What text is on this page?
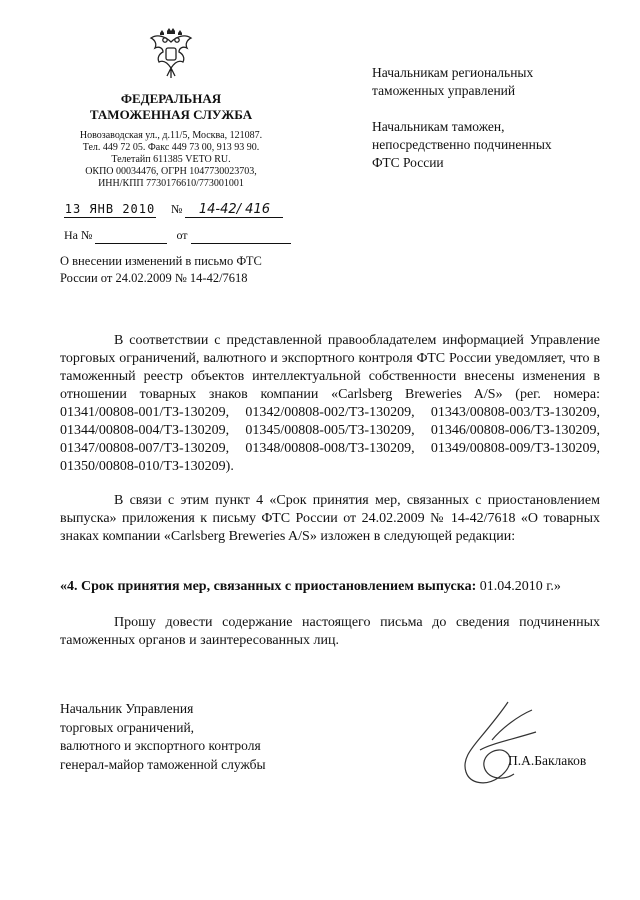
ФЕДЕРАЛЬНАЯ
ТАМОЖЕННАЯ СЛУЖБА
Новозаводская ул., д.11/5, Москва, 121087.
Тел. 449 72 05. Факс 449 73 00, 913 93 90.
Телетайп 611385 VETO RU.
ОКПО 00034476, ОГРН 1047730023703,
ИНН/КПП 7730176610/773001001
13 ЯНВ 2010 № 14-42/ 416
На №	от
Начальникам региональных
таможенных управлений
Начальникам таможен,
непосредственно подчиненных
ФТС России
О внесении изменений в письмо ФТС
России от 24.02.2009 № 14-42/7618
В соответствии с представленной правообладателем информацией Управление торговых ограничений, валютного и экспортного контроля ФТС России уведомляет, что в таможенный реестр объектов интеллектуальной собственности внесены изменения в отношении товарных знаков компании «Carlsberg Breweries A/S» (рег. номера: 01341/00808-001/ТЗ-130209, 01342/00808-002/ТЗ-130209, 01343/00808-003/ТЗ-130209, 01344/00808-004/ТЗ-130209, 01345/00808-005/ТЗ-130209, 01346/00808-006/ТЗ-130209, 01347/00808-007/ТЗ-130209, 01348/00808-008/ТЗ-130209, 01349/00808-009/ТЗ-130209, 01350/00808-010/ТЗ-130209).
В связи с этим пункт 4 «Срок принятия мер, связанных с приостановлением выпуска» приложения к письму ФТС России от 24.02.2009 № 14-42/7618 «О товарных знаках компании «Carlsberg Breweries A/S» изложен в следующей редакции:
«4. Срок принятия мер, связанных с приостановлением выпуска: 01.04.2010 г.»
Прошу довести содержание настоящего письма до сведения подчиненных таможенных органов и заинтересованных лиц.
Начальник Управления
торговых ограничений,
валютного и экспортного контроля
генерал-майор таможенной службы	П.А.Баклаков
